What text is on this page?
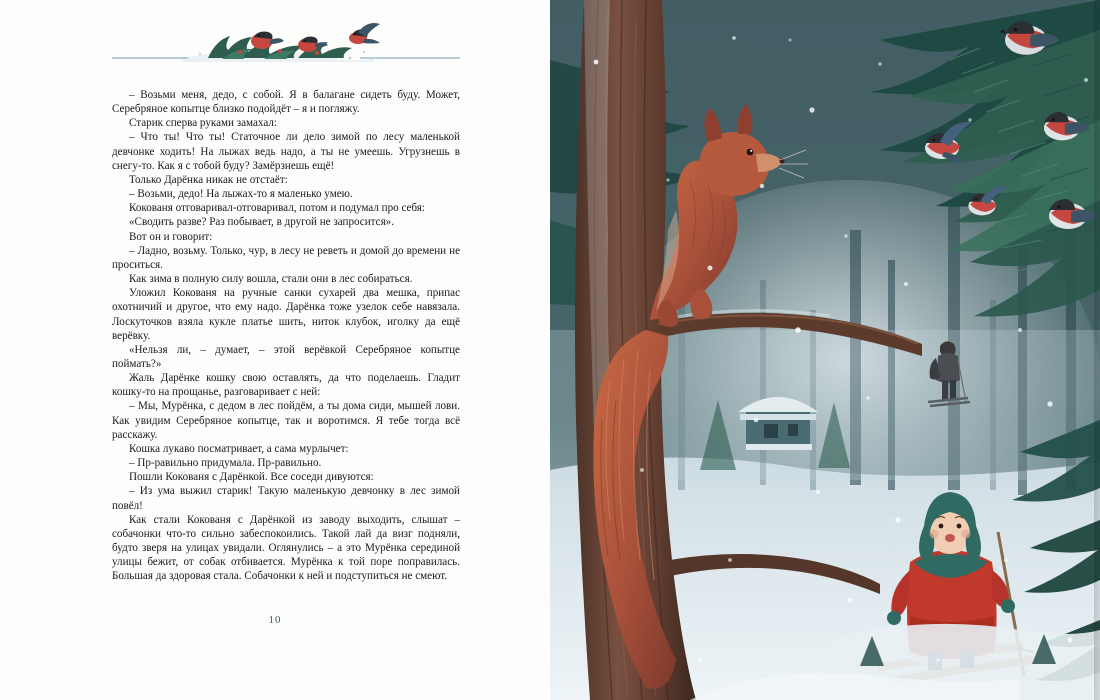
– Возьми меня, дедо, с собой. Я в балагане сидеть буду. Может, Серебряное копытце близко подойдёт – я и погляжу.

Старик сперва руками замахал:

– Что ты! Что ты! Статочное ли дело зимой по лесу маленькой девчонке ходить! На лыжах ведь надо, а ты не умеешь. Угрузнешь в снегу-то. Как я с тобой буду? Замёрзнешь ещё!

Только Дарёнка никак не отстаёт:

– Возьми, дедо! На лыжах-то я маленько умею.

Кокованя отговаривал-отговаривал, потом и подумал про себя:

«Сводить разве? Раз побывает, в другой не запросится».

Вот он и говорит:

– Ладно, возьму. Только, чур, в лесу не реветь и домой до времени не проситься.

Как зима в полную силу вошла, стали они в лес собираться.

Уложил Кокованя на ручные санки сухарей два мешка, припас охотничий и другое, что ему надо. Дарёнка тоже узелок себе навязала. Лоскуточков взяла кукле платье шить, ниток клубок, иголку да ещё верёвку.

«Нельзя ли, – думает, – этой верёвкой Серебряное копытце поймать?»

Жаль Дарёнке кошку свою оставлять, да что поделаешь. Гладит кошку-то на прощанье, разговаривает с ней:

– Мы, Мурёнка, с дедом в лес пойдём, а ты дома сиди, мышей лови. Как увидим Серебряное копытце, так и воротимся. Я тебе тогда всё расскажу.

Кошка лукаво посматривает, а сама мурлычет:

– Пр-равильно придумала. Пр-равильно.

Пошли Кокованя с Дарёнкой. Все соседи дивуются:

– Из ума выжил старик! Такую маленькую девчонку в лес зимой повёл!

Как стали Кокованя с Дарёнкой из заводу выходить, слышат – собачонки что-то сильно забеспокоились. Такой лай да визг подняли, будто зверя на улицах увидали. Оглянулись – а это Мурёнка серединой улицы бежит, от собак отбивается. Мурёнка к той поре поправилась. Большая да здоровая стала. Собачонки к ней и подступиться не смеют.

10
